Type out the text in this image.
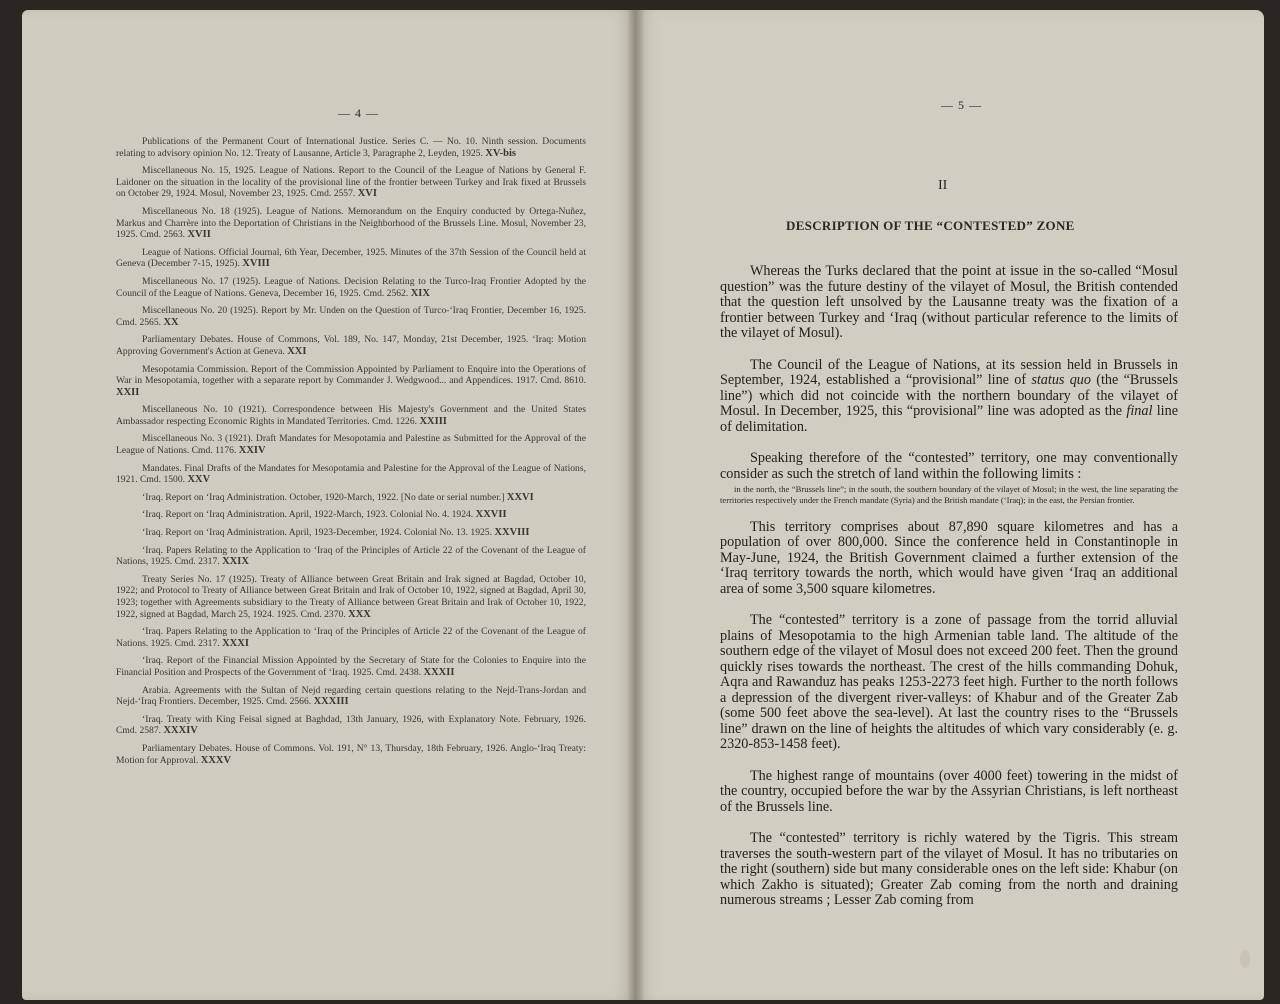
— 4 —

Publications of the Permanent Court of International Justice. Series C. — No. 10. Ninth session. Documents relating to advisory opinion No. 12. Treaty of Lausanne, Article 3, Paragraphe 2, Leyden, 1925. XV-bis

Miscellaneous No. 15, 1925. League of Nations. Report to the Council of the League of Nations by General F. Laidoner on the situation in the locality of the provisional line of the frontier between Turkey and Irak fixed at Brussels on October 29, 1924. Mosul, November 23, 1925. Cmd. 2557. XVI

Miscellaneous No. 18 (1925). League of Nations. Memorandum on the Enquiry conducted by Ortega-Nuñez, Markus and Charrère into the Deportation of Christians in the Neighborhood of the Brussels Line. Mosul, November 23, 1925. Cmd. 2563. XVII

League of Nations. Official Journal, 6th Year, December, 1925. Minutes of the 37th Session of the Council held at Geneva (December 7-15, 1925). XVIII

Miscellaneous No. 17 (1925). League of Nations. Decision Relating to the Turco-Iraq Frontier Adopted by the Council of the League of Nations. Geneva, December 16, 1925. Cmd. 2562. XIX

Miscellaneous No. 20 (1925). Report by Mr. Unden on the Question of Turco-‘Iraq Frontier, December 16, 1925. Cmd. 2565. XX

Parliamentary Debates. House of Commons, Vol. 189, No. 147, Monday, 21st December, 1925. ‘Iraq: Motion Approving Government's Action at Geneva. XXI

Mesopotamia Commission. Report of the Commission Appointed by Parliament to Enquire into the Operations of War in Mesopotamia, together with a separate report by Commander J. Wedgwood... and Appendices. 1917. Cmd. 8610. XXII

Miscellaneous No. 10 (1921). Correspondence between His Majesty's Government and the United States Ambassador respecting Economic Rights in Mandated Territories. Cmd. 1226. XXIII

Miscellaneous No. 3 (1921). Draft Mandates for Mesopotamia and Palestine as Submitted for the Approval of the League of Nations. Cmd. 1176. XXIV

Mandates. Final Drafts of the Mandates for Mesopotamia and Palestine for the Approval of the League of Nations, 1921. Cmd. 1500. XXV

‘Iraq. Report on ‘Iraq Administration. October, 1920-March, 1922. [No date or serial number.] XXVI

‘Iraq. Report on ‘Iraq Administration. April, 1922-March, 1923. Colonial No. 4. 1924. XXVII

‘Iraq. Report on ‘Iraq Administration. April, 1923-December, 1924. Colonial No. 13. 1925. XXVIII

‘Iraq. Papers Relating to the Application to ‘Iraq of the Principles of Article 22 of the Covenant of the League of Nations, 1925. Cmd. 2317. XXIX

Treaty Series No. 17 (1925). Treaty of Alliance between Great Britain and Irak signed at Bagdad, October 10, 1922; and Protocol to Treaty of Alliance between Great Britain and Irak of October 10, 1922, signed at Bagdad, April 30, 1923; together with Agreements subsidiary to the Treaty of Alliance between Great Britain and Irak of October 10, 1922, 1922, signed at Bagdad, March 25, 1924. 1925. Cmd. 2370. XXX

‘Iraq. Papers Relating to the Application to ‘Iraq of the Principles of Article 22 of the Covenant of the League of Nations. 1925. Cmd. 2317. XXXI

‘Iraq. Report of the Financial Mission Appointed by the Secretary of State for the Colonies to Enquire into the Financial Position and Prospects of the Government of ‘Iraq. 1925. Cmd. 2438. XXXII

Arabia. Agreements with the Sultan of Nejd regarding certain questions relating to the Nejd-Trans-Jordan and Nejd-‘Iraq Frontiers. December, 1925. Cmd. 2566. XXXIII

‘Iraq. Treaty with King Feisal signed at Baghdad, 13th January, 1926, with Explanatory Note. February, 1926. Cmd. 2587. XXXIV

Parliamentary Debates. House of Commons. Vol. 191, N° 13, Thursday, 18th February, 1926. Anglo-‘Iraq Treaty: Motion for Approval. XXXV

— 5 —
II
DESCRIPTION OF THE “CONTESTED” ZONE

Whereas the Turks declared that the point at issue in the so-called “Mosul question” was the future destiny of the vilayet of Mosul, the British contended that the question left unsolved by the Lausanne treaty was the fixation of a frontier between Turkey and ‘Iraq (without particular reference to the limits of the vilayet of Mosul).

The Council of the League of Nations, at its session held in Brussels in September, 1924, established a “provisional” line of status quo (the “Brussels line”) which did not coincide with the northern boundary of the vilayet of Mosul. In December, 1925, this “provisional” line was adopted as the final line of delimitation.

Speaking therefore of the “contested” territory, one may conventionally consider as such the stretch of land within the following limits :

in the north, the “Brussels line”; in the south, the southern boundary of the vilayet of Mosul; in the west, the line separating the territories respectively under the French mandate (Syria) and the British mandate (‘Iraq); in the east, the Persian frontier.

This territory comprises about 87,890 square kilometres and has a population of over 800,000. Since the conference held in Constantinople in May-June, 1924, the British Government claimed a further extension of the ‘Iraq territory towards the north, which would have given ‘Iraq an additional area of some 3,500 square kilometres.

The “contested” territory is a zone of passage from the torrid alluvial plains of Mesopotamia to the high Armenian table land. The altitude of the southern edge of the vilayet of Mosul does not exceed 200 feet. Then the ground quickly rises towards the northeast. The crest of the hills commanding Dohuk, Aqra and Rawanduz has peaks 1253-2273 feet high. Further to the north follows a depression of the divergent river-valleys: of Khabur and of the Greater Zab (some 500 feet above the sea-level). At last the country rises to the “Brussels line” drawn on the line of heights the altitudes of which vary considerably (e. g. 2320-853-1458 feet).

The highest range of mountains (over 4000 feet) towering in the midst of the country, occupied before the war by the Assyrian Christians, is left northeast of the Brussels line.

The “contested” territory is richly watered by the Tigris. This stream traverses the south-western part of the vilayet of Mosul. It has no tributaries on the right (southern) side but many considerable ones on the left side: Khabur (on which Zakho is situated); Greater Zab coming from the north and draining numerous streams ; Lesser Zab coming from
